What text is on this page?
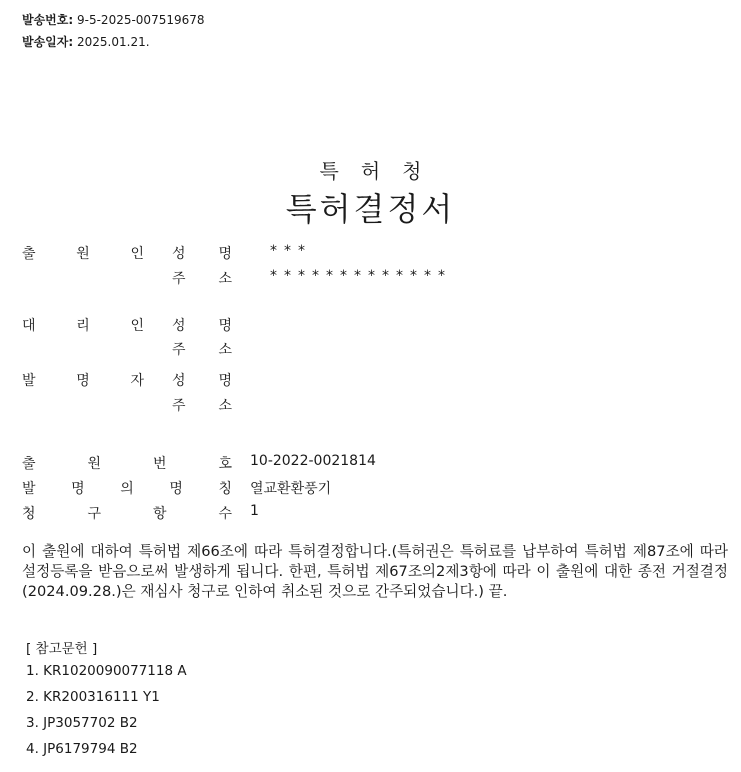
발송번호: 9-5-2025-007519678
발송일자: 2025.01.21.
특허청
특허결정서
출	원	인 성 명	***
주 소	*************
대	리	인 성 명
주 소
발	명	자 성 명
주 소
출	원	번	호 10-2022-0021814
발	명	의	명	칭 열교환환풍기
청	구	항	수 1
이 출원에 대하여 특허법 제66조에 따라 특허결정합니다.(특허권은 특허료를 납부하여 특허법 제87조에 따라 설정등록을 받음으로써 발생하게 됩니다. 한편, 특허법 제67조의2제3항에 따라 이 출원에 대한 종전 거절결정(2024.09.28.)은 재심사 청구로 인하여 취소된 것으로 간주되었습니다.) 끝.
[ 참고문헌 ]
1. KR1020090077118 A
2. KR200316111 Y1
3. JP3057702 B2
4. JP6179794 B2
